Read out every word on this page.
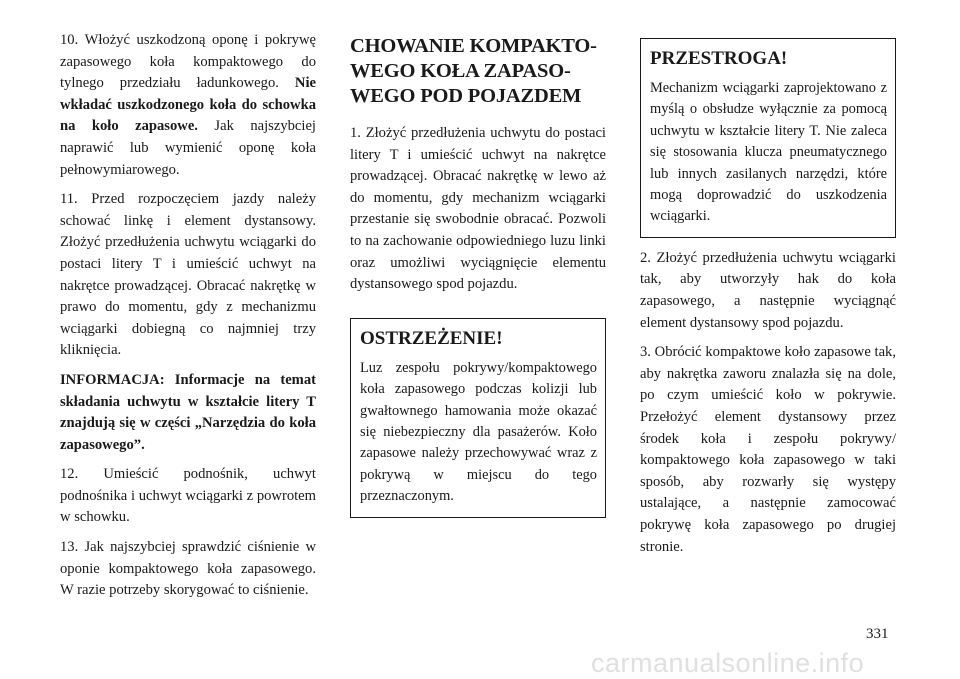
10. Włożyć uszkodzoną oponę i pokrywę zapasowego koła kompaktowego do tylnego przedziału ładunkowego. Nie wkładać uszkodzonego koła do schowka na koło zapasowe. Jak najszybciej naprawić lub wymienić oponę koła pełnowymiarowego.

11. Przed rozpoczęciem jazdy należy schować linkę i element dystansowy. Złożyć przedłużenia uchwytu wciągarki do postaci litery T i umieścić uchwyt na nakrętce prowadzącej. Obracać nakrętkę w prawo do momentu, gdy z mechanizmu wciągarki dobiegną co najmniej trzy kliknięcia.

INFORMACJA: Informacje na temat składania uchwytu w kształcie litery T znajdują się w części „Narzędzia do koła zapasowego”.

12. Umieścić podnośnik, uchwyt podnośnika i uchwyt wciągarki z powrotem w schowku.

13. Jak najszybciej sprawdzić ciśnienie w oponie kompaktowego koła zapasowego. W razie potrzeby skorygować to ciśnienie.

CHOWANIE KOMPAKTOWEGO KOŁA ZAPASOWEGO POD POJAZDEM

1. Złożyć przedłużenia uchwytu do postaci litery T i umieścić uchwyt na nakrętce prowadzącej. Obracać nakrętkę w lewo aż do momentu, gdy mechanizm wciągarki przestanie się swobodnie obracać. Pozwoli to na zachowanie odpowiedniego luzu linki oraz umożliwi wyciągnięcie elementu dystansowego spod pojazdu.

OSTRZEŻENIE!

Luz zespołu pokrywy/kompaktowego koła zapasowego podczas kolizji lub gwałtownego hamowania może okazać się niebezpieczny dla pasażerów. Koło zapasowe należy przechowywać wraz z pokrywą w miejscu do tego przeznaczonym.

PRZESTROGA!

Mechanizm wciągarki zaprojektowano z myślą o obsłudze wyłącznie za pomocą uchwytu w kształcie litery T. Nie zaleca się stosowania klucza pneumatycznego lub innych zasilanych narzędzi, które mogą doprowadzić do uszkodzenia wciągarki.

2. Złożyć przedłużenia uchwytu wciągarki tak, aby utworzyły hak do koła zapasowego, a następnie wyciągnąć element dystansowy spod pojazdu.

3. Obrócić kompaktowe koło zapasowe tak, aby nakrętka zaworu znalazła się na dole, po czym umieścić koło w pokrywie. Przełożyć element dystansowy przez środek koła i zespołu pokrywy/ kompaktowego koła zapasowego w taki sposób, aby rozwarły się występy ustalające, a następnie zamocować pokrywę koła zapasowego po drugiej stronie.

331
carmanualsonline.info
